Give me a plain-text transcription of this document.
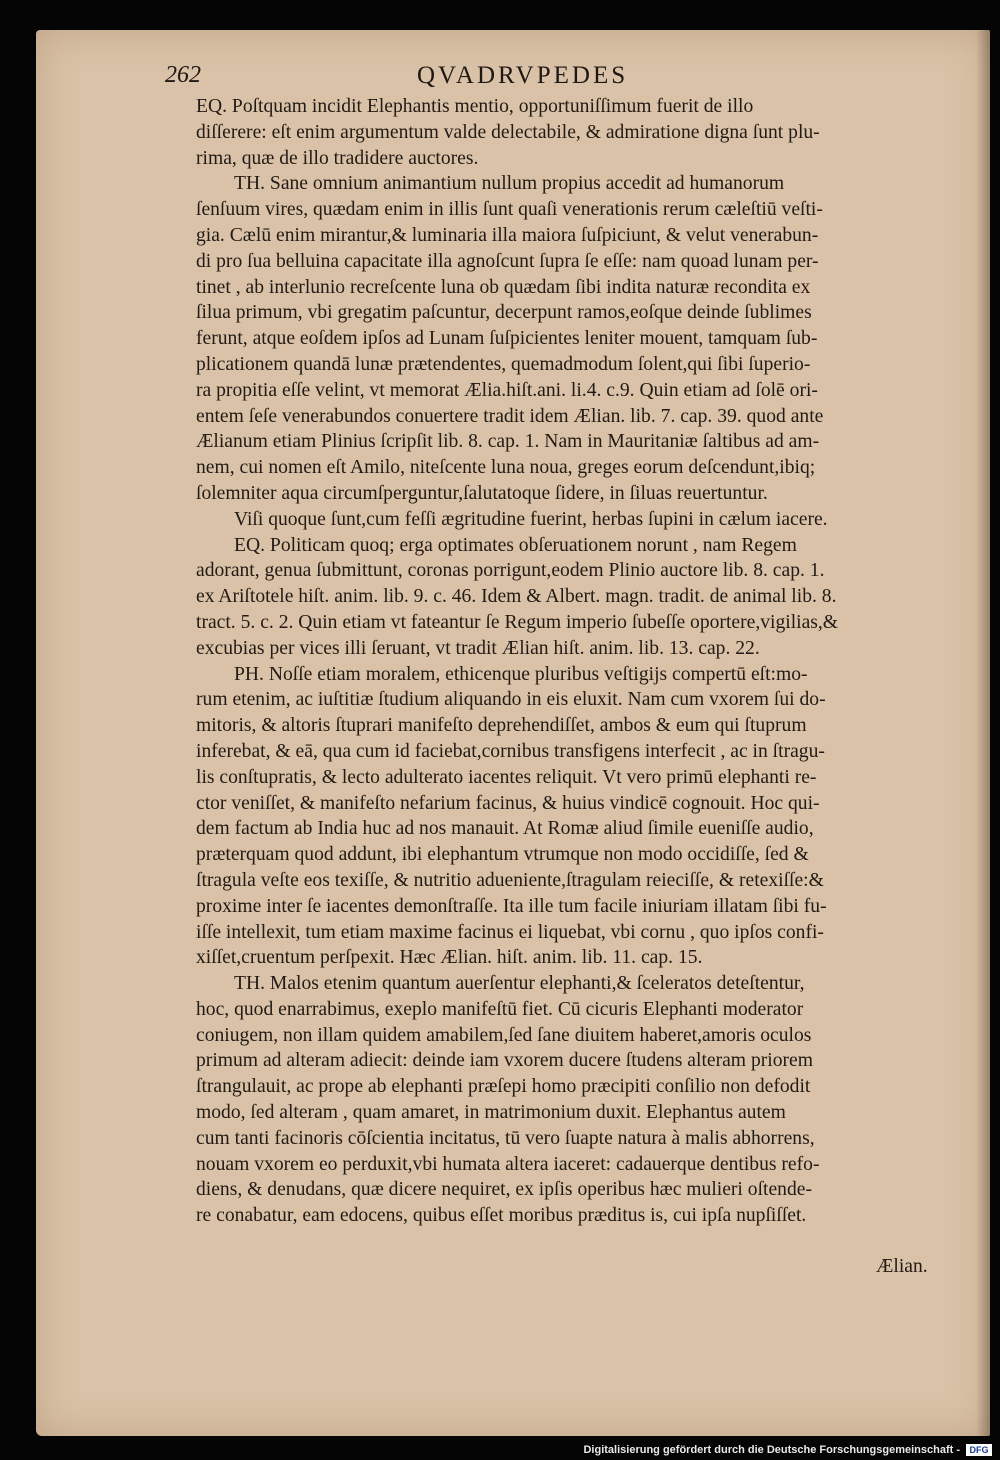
262	QVADRVPEDES
EQ. Poſtquam incidit Elephantis mentio, opportuniſſimum fuerit de illo
diſſerere: eſt enim argumentum valde delectabile, & admiratione digna ſunt plu-
rima, quæ de illo tradidere auctores.
TH. Sane omnium animantium nullum propius accedit ad humanorum
ſenſuum vires, quædam enim in illis ſunt quaſi venerationis rerum cæleſtiū veſti-
gia. Cælū enim mirantur,& luminaria illa maiora ſuſpiciunt, & velut venerabun-
di pro ſua belluina capacitate illa agnoſcunt ſupra ſe eſſe: nam quoad lunam per-
tinet , ab interlunio recreſcente luna ob quædam ſibi indita naturæ recondita ex
ſilua primum, vbi gregatim paſcuntur, decerpunt ramos,eoſque deinde ſublimes
ferunt, atque eoſdem ipſos ad Lunam ſuſpicientes leniter mouent, tamquam ſub-
plicationem quandā lunæ prætendentes, quemadmodum ſolent,qui ſibi ſuperio-
ra propitia eſſe velint, vt memorat Ælia.hiſt.ani. li.4. c.9. Quin etiam ad ſolē ori-
entem ſeſe venerabundos conuertere tradit idem Ælian. lib. 7. cap. 39. quod ante
Ælianum etiam Plinius ſcripſit lib. 8. cap. 1. Nam in Mauritaniæ ſaltibus ad am-
nem, cui nomen eſt Amilo, niteſcente luna noua, greges eorum deſcendunt,ibiq;
ſolemniter aqua circumſperguntur,ſalutatoque ſidere, in ſiluas reuertuntur.
Viſi quoque ſunt,cum feſſi ægritudine fuerint, herbas ſupini in cælum iacere.
EQ. Politicam quoq; erga optimates obſeruationem norunt , nam Regem
adorant, genua ſubmittunt, coronas porrigunt,eodem Plinio auctore lib. 8. cap. 1.
ex Ariſtotele hiſt. anim. lib. 9. c. 46. Idem & Albert. magn. tradit. de animal lib. 8.
tract. 5. c. 2. Quin etiam vt fateantur ſe Regum imperio ſubeſſe oportere,vigilias,&
excubias per vices illi ſeruant, vt tradit Ælian hiſt. anim. lib. 13. cap. 22.
PH. Noſſe etiam moralem, ethicenque pluribus veſtigijs compertū eſt:mo-
rum etenim, ac iuſtitiæ ſtudium aliquando in eis eluxit. Nam cum vxorem ſui do-
mitoris, & altoris ſtuprari manifeſto deprehendiſſet, ambos & eum qui ſtuprum
inferebat, & eā, qua cum id faciebat,cornibus transfigens interfecit , ac in ſtragu-
lis conſtupratis, & lecto adulterato iacentes reliquit. Vt vero primū elephanti re-
ctor veniſſet, & manifeſto nefarium facinus, & huius vindicē cognouit. Hoc qui-
dem factum ab India huc ad nos manauit. At Romæ aliud ſimile eueniſſe audio,
præterquam quod addunt, ibi elephantum vtrumque non modo occidiſſe, ſed &
ſtragula veſte eos texiſſe, & nutritio adueniente,ſtragulam reieciſſe, & retexiſſe:&
proxime inter ſe iacentes demonſtraſſe. Ita ille tum facile iniuriam illatam ſibi fu-
iſſe intellexit, tum etiam maxime facinus ei liquebat, vbi cornu , quo ipſos confi-
xiſſet,cruentum perſpexit. Hæc Ælian. hiſt. anim. lib. 11. cap. 15.
TH. Malos etenim quantum auerſentur elephanti,& ſceleratos deteſtentur,
hoc, quod enarrabimus, exeplo manifeſtū fiet. Cū cicuris Elephanti moderator
coniugem, non illam quidem amabilem,ſed ſane diuitem haberet,amoris oculos
primum ad alteram adiecit: deinde iam vxorem ducere ſtudens alteram priorem
ſtrangulauit, ac prope ab elephanti præſepi homo præcipiti conſilio non defodit
modo, ſed alteram , quam amaret, in matrimonium duxit. Elephantus autem
cum tanti facinoris cōſcientia incitatus, tū vero ſuapte natura à malis abhorrens,
nouam vxorem eo perduxit,vbi humata altera iaceret: cadauerque dentibus refo-
diens, & denudans, quæ dicere nequiret, ex ipſis operibus hæc mulieri oſtende-
re conabatur, eam edocens, quibus eſſet moribus præditus is, cui ipſa nupſiſſet.
Ælian.
Digitalisierung gefördert durch die Deutsche Forschungsgemeinschaft -	DFG
